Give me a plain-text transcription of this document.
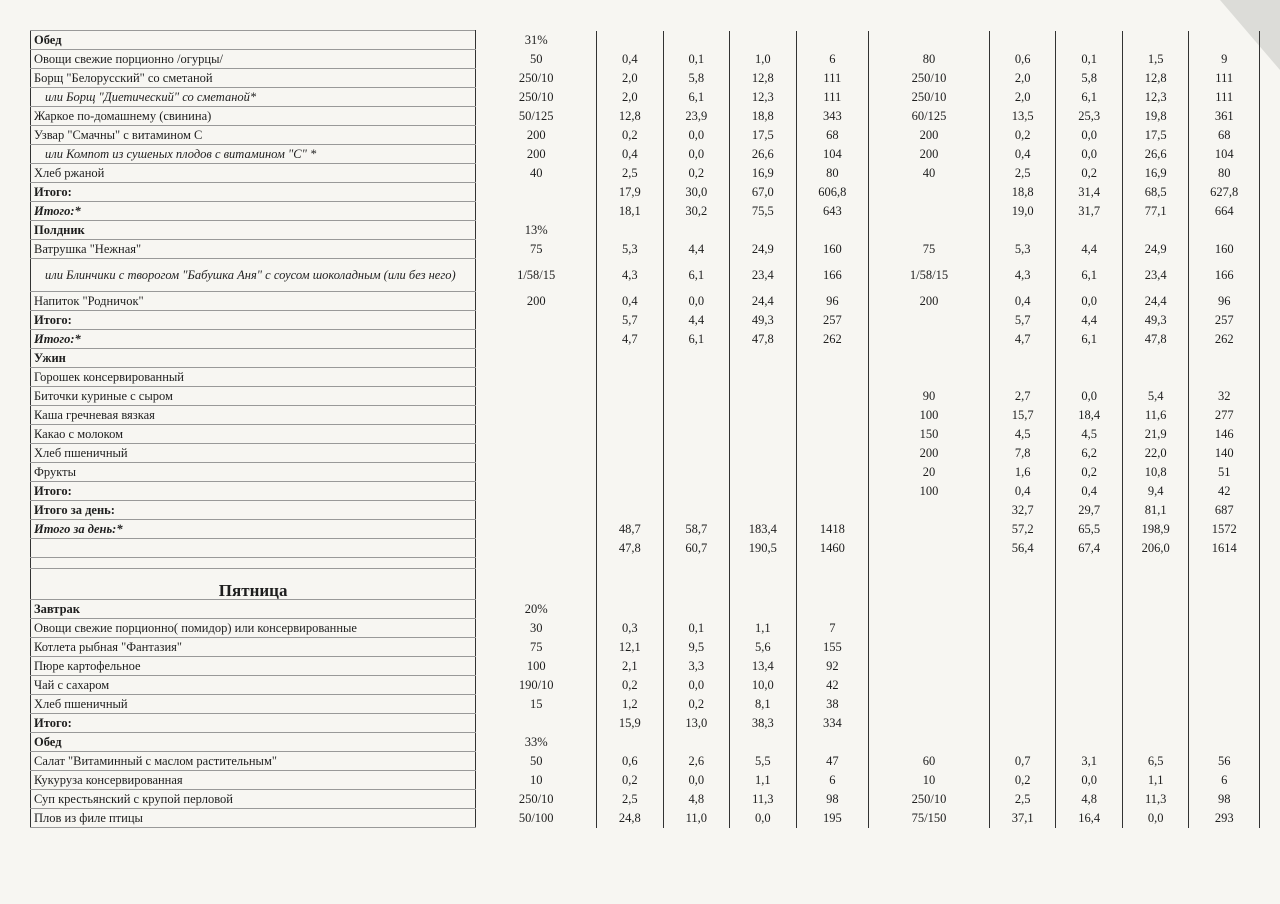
Обед	31%									
Овощи свежие порционно /огурцы/	50	0,4	0,1	1,0	6	80	0,6	0,1	1,5	9
Борщ "Белорусский" со сметаной	250/10	2,0	5,8	12,8	111	250/10	2,0	5,8	12,8	111
или Борщ "Диетический" со сметаной*	250/10	2,0	6,1	12,3	111	250/10	2,0	6,1	12,3	111
Жаркое по-домашнему (свинина)	50/125	12,8	23,9	18,8	343	60/125	13,5	25,3	19,8	361
Узвар "Смачны" с витамином С	200	0,2	0,0	17,5	68	200	0,2	0,0	17,5	68
или Компот из сушеных плодов с витамином "С" *	200	0,4	0,0	26,6	104	200	0,4	0,0	26,6	104
Хлеб ржаной	40	2,5	0,2	16,9	80	40	2,5	0,2	16,9	80
Итого:		17,9	30,0	67,0	606,8		18,8	31,4	68,5	627,8
Итого:*		18,1	30,2	75,5	643		19,0	31,7	77,1	664
Полдник	13%									
Ватрушка "Нежная"	75	5,3	4,4	24,9	160	75	5,3	4,4	24,9	160
или Блинчики с творогом "Бабушка Аня" с соусом шоколадным (или без него)	1/58/15	4,3	6,1	23,4	166	1/58/15	4,3	6,1	23,4	166
Напиток "Родничок"	200	0,4	0,0	24,4	96	200	0,4	0,0	24,4	96
Итого:		5,7	4,4	49,3	257		5,7	4,4	49,3	257
Итого:*		4,7	6,1	47,8	262		4,7	6,1	47,8	262
Ужин										
Горошек консервированный										
Биточки куриные с сыром						90	2,7	0,0	5,4	32
Каша гречневая вязкая						100	15,7	18,4	11,6	277
Какао с молоком						150	4,5	4,5	21,9	146
Хлеб пшеничный						200	7,8	6,2	22,0	140
Фрукты						20	1,6	0,2	10,8	51
Итого:						100	0,4	0,4	9,4	42
Итого за день:							32,7	29,7	81,1	687
Итого за день:*		48,7	58,7	183,4	1418		57,2	65,5	198,9	1572
		47,8	60,7	190,5	1460		56,4	67,4	206,0	1614

Пятница										
Завтрак	20%									
Овощи свежие порционно( помидор) или консервированные	30	0,3	0,1	1,1	7					
Котлета рыбная "Фантазия"	75	12,1	9,5	5,6	155					
Пюре картофельное	100	2,1	3,3	13,4	92					
Чай с сахаром	190/10	0,2	0,0	10,0	42					
Хлеб пшеничный	15	1,2	0,2	8,1	38					
Итого:		15,9	13,0	38,3	334					
Обед	33%									
Салат "Витаминный с маслом растительным"	50	0,6	2,6	5,5	47	60	0,7	3,1	6,5	56
Кукуруза консервированная	10	0,2	0,0	1,1	6	10	0,2	0,0	1,1	6
Суп крестьянский с крупой перловой	250/10	2,5	4,8	11,3	98	250/10	2,5	4,8	11,3	98
Плов из филе птицы	50/100	24,8	11,0	0,0	195	75/150	37,1	16,4	0,0	293
